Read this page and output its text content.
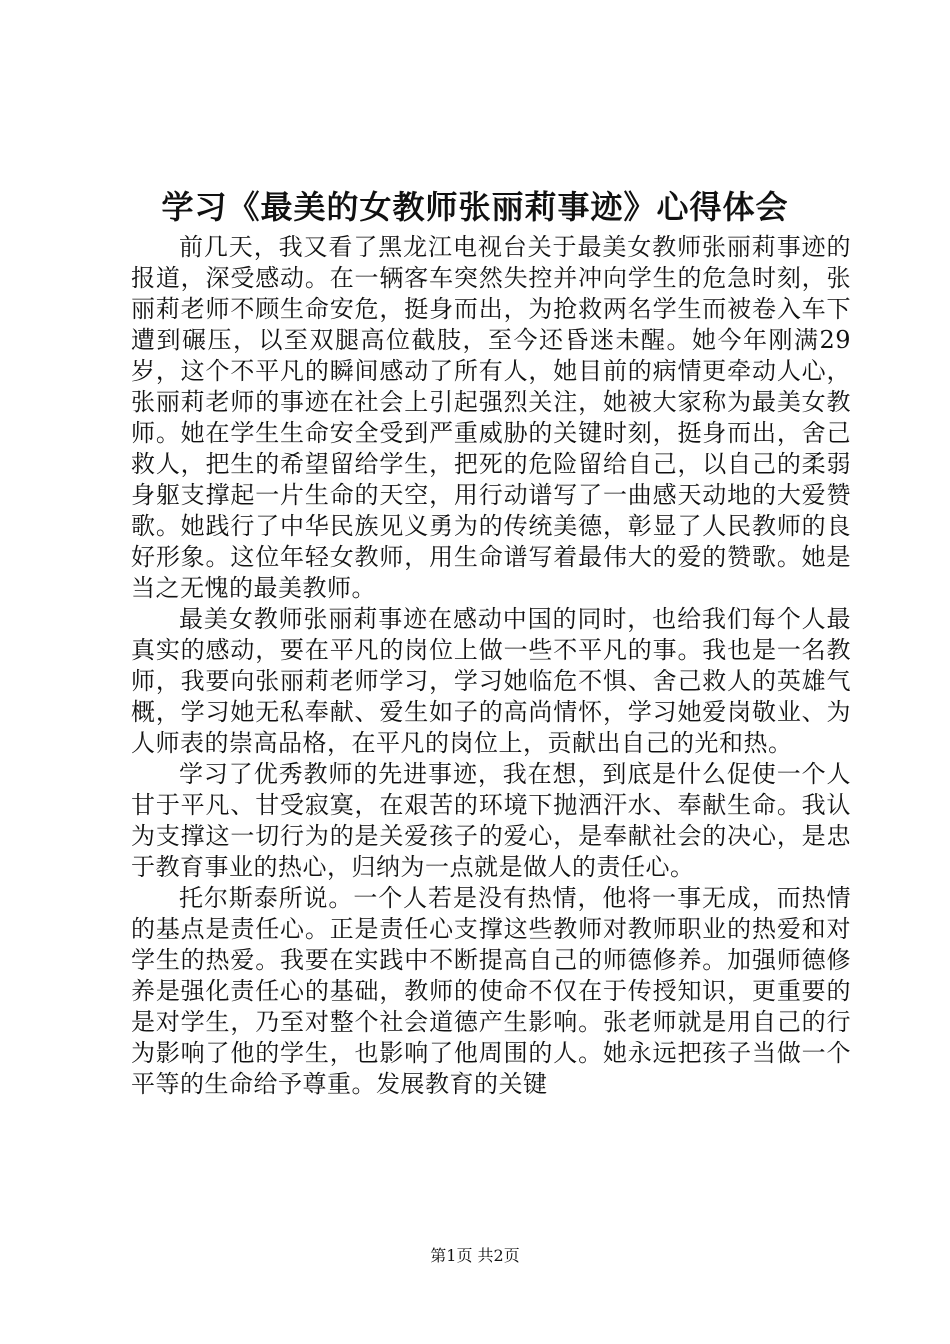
学习《最美的女教师张丽莉事迹》心得体会

前几天，我又看了黑龙江电视台关于最美女教师张丽莉事迹的报道，深受感动。在一辆客车突然失控并冲向学生的危急时刻，张丽莉老师不顾生命安危，挺身而出，为抢救两名学生而被卷入车下遭到碾压，以至双腿高位截肢，至今还昏迷未醒。她今年刚满29岁，这个不平凡的瞬间感动了所有人，她目前的病情更牵动人心，张丽莉老师的事迹在社会上引起强烈关注，她被大家称为最美女教师。她在学生生命安全受到严重威胁的关键时刻，挺身而出，舍己救人，把生的希望留给学生，把死的危险留给自己，以自己的柔弱身躯支撑起一片生命的天空，用行动谱写了一曲感天动地的大爱赞歌。她践行了中华民族见义勇为的传统美德，彰显了人民教师的良好形象。这位年轻女教师，用生命谱写着最伟大的爱的赞歌。她是当之无愧的最美教师。

最美女教师张丽莉事迹在感动中国的同时，也给我们每个人最真实的感动，要在平凡的岗位上做一些不平凡的事。我也是一名教师，我要向张丽莉老师学习，学习她临危不惧、舍己救人的英雄气概，学习她无私奉献、爱生如子的高尚情怀，学习她爱岗敬业、为人师表的崇高品格，在平凡的岗位上，贡献出自己的光和热。

学习了优秀教师的先进事迹，我在想，到底是什么促使一个人甘于平凡、甘受寂寞，在艰苦的环境下抛洒汗水、奉献生命。我认为支撑这一切行为的是关爱孩子的爱心，是奉献社会的决心，是忠于教育事业的热心，归纳为一点就是做人的责任心。

托尔斯泰所说。一个人若是没有热情，他将一事无成，而热情的基点是责任心。正是责任心支撑这些教师对教师职业的热爱和对学生的热爱。我要在实践中不断提高自己的师德修养。加强师德修养是强化责任心的基础，教师的使命不仅在于传授知识，更重要的是对学生，乃至对整个社会道德产生影响。张老师就是用自己的行为影响了他的学生，也影响了他周围的人。她永远把孩子当做一个平等的生命给予尊重。发展教育的关键

第1页 共2页
